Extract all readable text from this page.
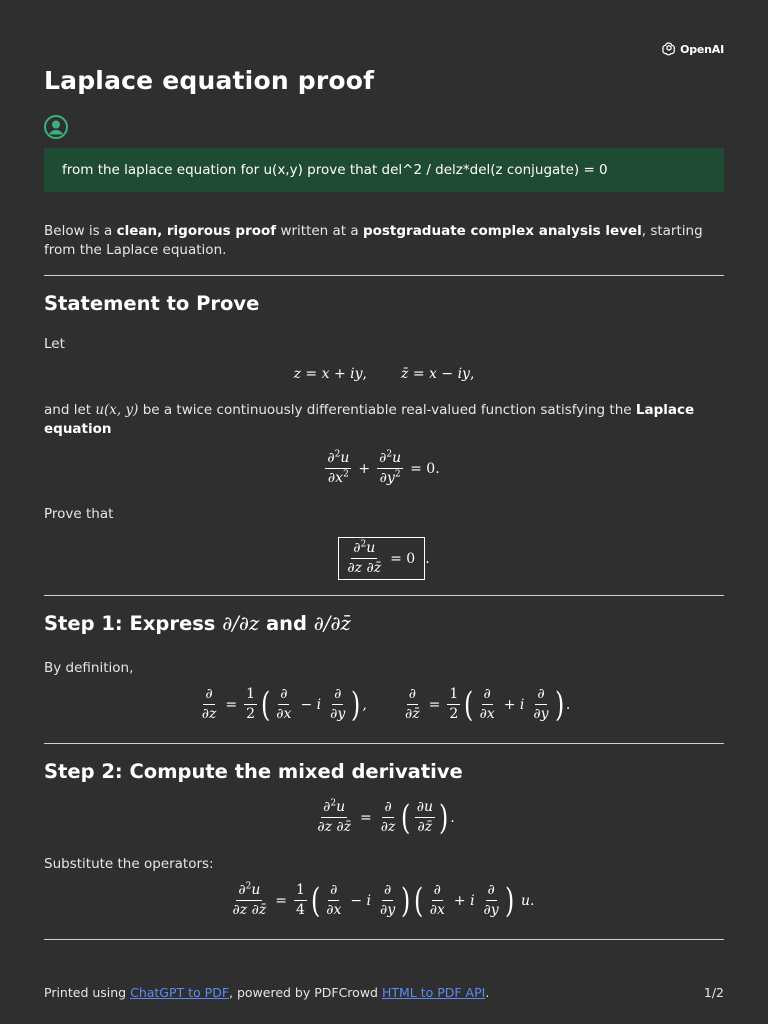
OpenAI
Laplace equation proof
from the laplace equation for u(x,y) prove that del^2 / delz*del(z conjugate) = 0
Below is a clean, rigorous proof written at a postgraduate complex analysis level, starting from the Laplace equation.
Statement to Prove
Let
z = x + iy, z̄ = x − iy,
and let u(x, y) be a twice continuously differentiable real-valued function satisfying the Laplace equation
$\frac{\partial^2u}{\partial x^2} + \frac{\partial^2u}{\partial y^2} = 0$.
Prove that
$\frac{\partial^2u}{\partial z \partial z̄} = 0$ .
Step 1: Express ∂/∂z and ∂/∂z̄
By definition,
$\frac{\partial}{\partial z} = \frac{1}{2}$ ( $\frac{\partial}{\partial x} - i \frac{\partial}{\partial y}$ ) ,	$\frac{\partial}{\partial z̄} = \frac{1}{2}$ ( $\frac{\partial}{\partial x} + i \frac{\partial}{\partial y}$ ) .
Step 2: Compute the mixed derivative
$\frac{\partial^2u}{\partial z \partial z̄} = \frac{\partial}{\partial z}$ ( $\frac{\partial u}{\partial z̄}$ ) .
Substitute the operators:
$\frac{\partial^2u}{\partial z \partial z̄} = \frac{1}{4}$ ( $\frac{\partial}{\partial x} - i \frac{\partial}{\partial y}$ ) ( $\frac{\partial}{\partial x} + i \frac{\partial}{\partial y}$ ) u.
Printed using ChatGPT to PDF, powered by PDFCrowd HTML to PDF API.	1/2
